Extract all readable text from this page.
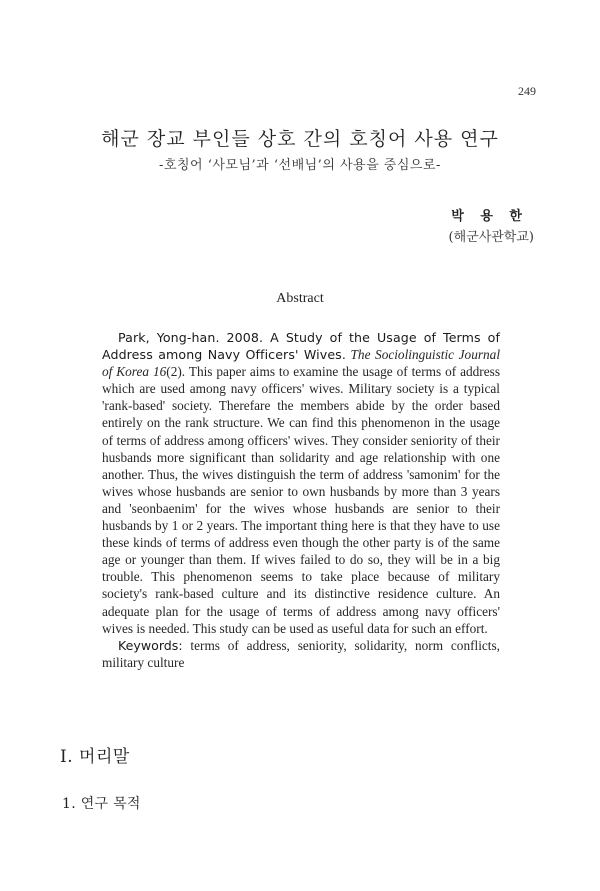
249
해군 장교 부인들 상호 간의 호칭어 사용 연구
-호칭어 ‘사모님’과 ‘선배님’의 사용을 중심으로-
박 용 한
(해군사관학교)
Abstract

Park, Yong-han. 2008. A Study of the Usage of Terms of Address among Navy Officers' Wives. The Sociolinguistic Journal of Korea 16(2). This paper aims to examine the usage of terms of address which are used among navy officers' wives. Military society is a typical 'rank-based' society. Therefare the members abide by the order based entirely on the rank structure. We can find this phenomenon in the usage of terms of address among officers' wives. They consider seniority of their husbands more significant than solidarity and age relationship with one another. Thus, the wives distinguish the term of address 'samonim' for the wives whose husbands are senior to own husbands by more than 3 years and 'seonbaenim' for the wives whose husbands are senior to their husbands by 1 or 2 years. The important thing here is that they have to use these kinds of terms of address even though the other party is of the same age or younger than them. If wives failed to do so, they will be in a big trouble. This phenomenon seems to take place because of military society's rank-based culture and its distinctive residence culture. An adequate plan for the usage of terms of address among navy officers' wives is needed. This study can be used as useful data for such an effort.

Keywords: terms of address, seniority, solidarity, norm conflicts, military culture

Ⅰ. 머리말
1. 연구 목적
